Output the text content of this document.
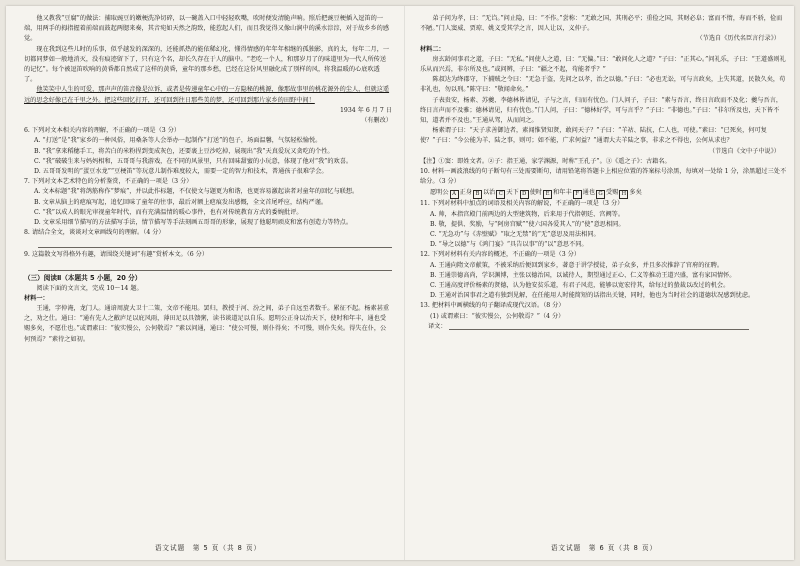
他又教我“豆腐”的做法：捕取豌豆的嫩梗洗净切碎，以一碗盖入口中轻轻吹嘴，吹时便发清脆声响。照后把豌豆梗插入逗笛的一端，用两手的拇指握着前端而鼓起两腮来奏，其音宛如天然之韵致，能惹起人们，而且我觉得又像山涧中的溪水淙淙，对于故乡乡的感觉。

现在我到这些儿时的乐事，似乎越发的深深的，还能抓热的能依稀幻化，懂得情感的年年年相继的孤独影，真的太，每年二月，一切都同梦如一般地消灭，没有痕迹留下了，只有这个名，却长久存在于人的脑中。“老吃一个人，和那岁月了的味道里为一代人所传送的记忆”。每个被逗笛吹响的黄昏都自然成了这样的黄昏，童年的那乡愁，已经在这份风里融化成了别样的风，将我温暖的心底吹透了。

他笑笑中人生的可爱，那声声的笛音像是泣诉，或者是传递童年心中的一方隐秘的桃源，像那故事里的桃花源外的尘人，但就这遥远的思念好像已在千里之外。把这些回忆打开，还可回到往日那些美的梦，还可回到那片家乡的田野中间！

1934 年 6 月 7 日

（有删改）

6. 下列对文本相关内容的理解，不正确的一项是（3 分）

A. “打送”是“我”家乡的一种风俗，用桑条等人会举办一起制作“打送”的包子，场面温馨，气氛轻松愉悦。

B. “我”拿来稻穗手工，将苦白的米粉捏到变成灰色，还要裹上豆沙吃掉，展现出“我”天真爱玩又贪吃的个性。

C. “我”破破生来与妈妈相和，五哥哥与我游戏，在不同的风景里，只有回味甜蜜的小玩意，体现了他对“我”的欢喜。

D. 五哥哥发明的“蛋豆水龙”“豆梗笛”等玩意儿制作难度较大，需要一定的智力和技术，普通孩子很难学会。

7. 下列对文本艺术特色的分析鉴赏，不正确的一项是（3 分）

A. 文本标题“我”将鸽筋称作“梦痕”，并以此作标题，不仅使文与题更为和谐，也更容易激起读者对童年的回忆与联想。

B. 文章从脑上的疤痕写起，追忆回味了童年的往事，最后对额上疤痕发出感慨，全文首尾呼应，结构严谨。

C. “我”以成人的眼光审视童年时代，而有充满温情的暖心事件，也有对传统教育方式的委婉批评。

D. 文章采用细节描写的方法描写手法，情节描写等手法刻画五哥哥的形象，展现了他聪明顽皮和富有创造力等特点。

8. 请结合全文，谈谈对文章画线句的理解。（4 分）

9. 这篇散文写得格外有趣，请围绕关键词“有趣”赏析本文。（6 分）

（三）阅读Ⅱ（本题共 5 小题，20 分）

阅读下面的文言文，完成 10～14 题。

材料一：

王通，字仲淹，龙门人。通谙周旋大卫十二策，文帝不能用。罢归，教授于河、汾之间，弟子自远至者数千。累征不起。杨素甚重之，劝之仕。通曰：“通有先人之敝庐足以庇风雨，薄田足以具馈粥，读书谈道足以自乐。愿明公正身以治天下，使时和年丰，通也受赐多矣，不愿仕也。”或谓素曰：“彼实慢公，公何敬焉？”素以问通，通曰：“使公可慢，则仆得矣；不可慢，则仆失矣。得失在仆，公何预焉？”素待之如初。

语文试题　第 5 页（共 8 页）

弟子问为孝，曰：“无诌。”问止隐，曰：“不作。”尝称：“无敢之国，其刑必平；重俭之国，其财必阜；富而不惰，寿而不骄，俭而不陋。”门人窦威、贾琼、姚义受其学之言，因人让以，义仲子。

（节选自《历代名臣言行录》）

材料二：

房玄龄问事君之道，子曰：“无私。”问使人之道，曰：“无偏。”曰：“敢问化人之道？”子曰：“正其心。”问礼乐，子曰：“王道盛则礼乐从而兴焉，非尔所及也。”或问辨，子曰：“疆之不起，苟能者乎？”

陈叔达为绛郡守，下捕贼之令曰：“无急于盗，先问之以孝，治之以德。”子曰：“必也无讼，可与言政矣，上失其道，民散久矣，苟非礼也，勿以刑。”陈守曰：“敬闻命矣。”

子表贵安，杨素、苏夔、李德林皆请见，子与之言，归而有忧色。门人问子，子曰：“素与吾言，终日言政而不及化；夔与吾言，终日言声而不及雅；德林请见，归有忧色。”门人问，子曰：“德林好学，可与言乎？”子曰：“非德也。”子曰：“非尔所及也，天下皆不知，道者并不及也。”王通从驾，从而问之。

杨素谓子曰：“天子求善御边者，素闻惟贤知贤，敢问天子？”子曰：“羊祜、陆抗，仁人也，可使。”素曰：“已死矣，何可复使？”子曰：“今公能为羊、陆之事，则可；如不能，广求何益？”通谓大夫羊陆之事，非求之不得也，公何从求也？

（节选自《文中子中说》）

【注】①窦：即姓文者。②子：指王通，家学渊源，时称“王孔子”。③《遥之子》：古籍名。

10. 材料一画波浪线的句子断句有三处需要断句，请用铅笔将答题卡上相应位置的答案标号涂黑，每填对一处给 1 分，涂黑超过三处不给分。（3 分）

愿明公 A 正身 B 以治 C 天下 D 使时 E 和年丰 F 通也 G 受赐 H 多矣

11. 下列对材料中加点的词语及相关内容的解说，不正确的一项是（3 分）

A. 帅，本指宫殿门前两边的大型建筑物，后来用于代指朝廷、宫阙等。

B. 敬，提供、奖励，与“阿房宫赋”“使六国各爱其人”的“使”意思相同。

C. “无急功”与《赤壁赋》“取之无禁”的“无”意思及用法相同。

D. “导之以德”与《鸿门宴》“具告以事”的“以”意思不同。

12. 下列对材料有关内容的概述，不正确的一项是（3 分）

A. 王通向隋文帝献策，不被采纳后便回到家乡，著意于讲学授徒，弟子众多，并且多次推辞了官府的征聘。

B. 王通崇德高尚，学识渊博，主张以德治国，以诚待人，期望通过正心、仁义等推动王道兴盛，富有家国情怀。

C. 王通高度评价杨素的贤德，认为他安贫乐道，有君子风范，能够以宽宏待其，给每过的蛰裁以改过的机会。

D. 王通对治国事君之道有独到见解，在任能用人时能简短的话指出关键，同时，他也为当时社会的道德状况感到忧虑。

13. 把材料中画横线的句子翻译成现代汉语。（8 分）

(1) 或谓素曰：“彼实慢公，公何敬焉？”（4 分）

译文：
语文试题　第 6 页（共 8 页）
